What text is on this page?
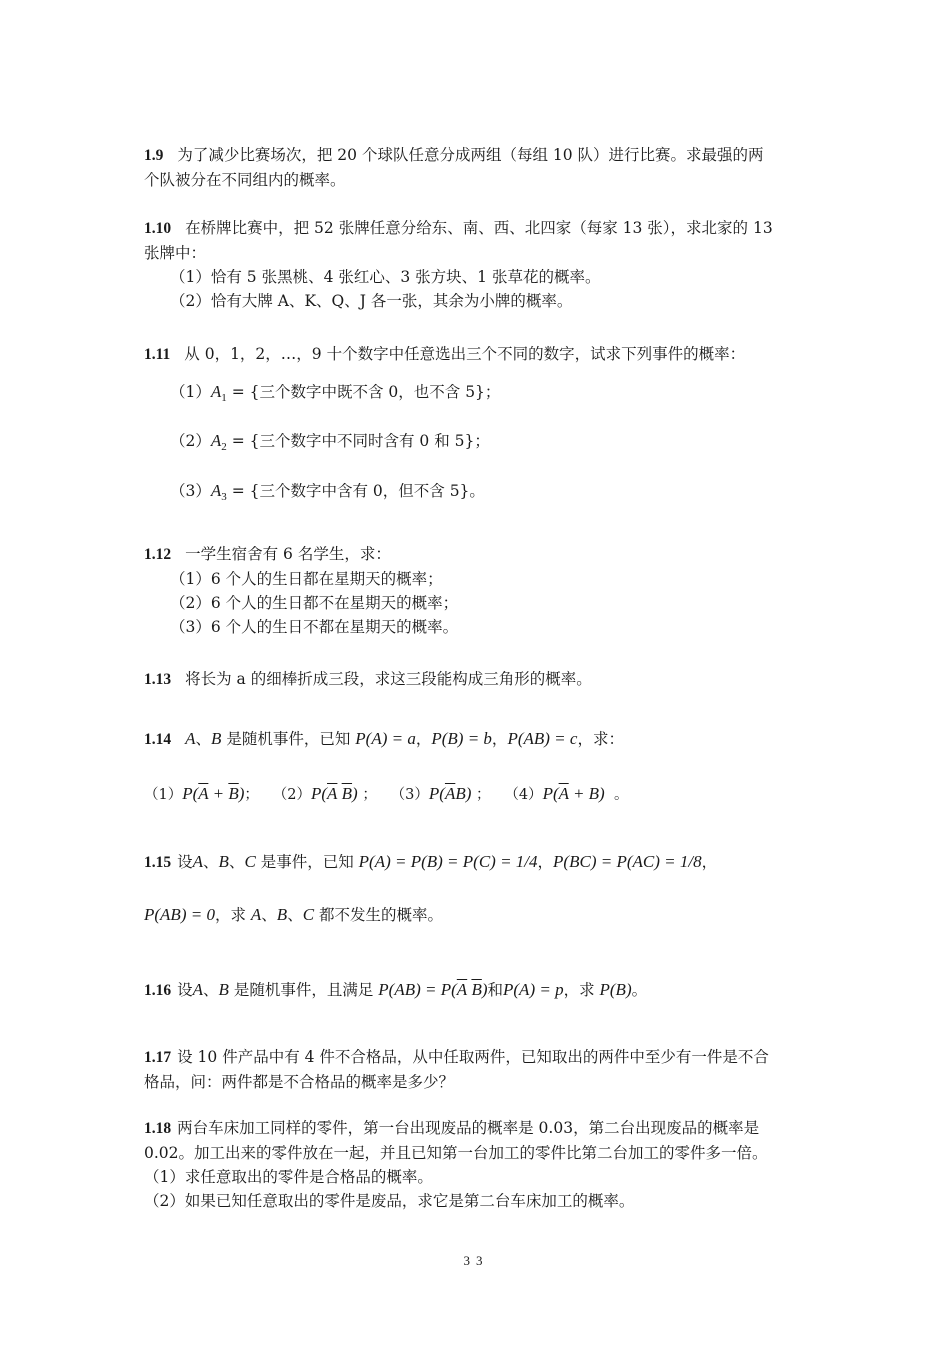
1.9 为了减少比赛场次，把 20 个球队任意分成两组（每组 10 队）进行比赛。求最强的两
个队被分在不同组内的概率。
1.10 在桥牌比赛中，把 52 张牌任意分给东、南、西、北四家（每家 13 张），求北家的 13
张牌中：
（1）恰有 5 张黑桃、4 张红心、3 张方块、1 张草花的概率。
（2）恰有大牌 A、K、Q、J 各一张，其余为小牌的概率。
1.11 从 0，1，2，…，9 十个数字中任意选出三个不同的数字，试求下列事件的概率：
$(1)A_1$ = {三个数字中既不含 0，也不含 5}；
$(2)A_2$ = {三个数字中不同时含有 0 和 5}；
$(3)A_3$ = {三个数字中含有 0，但不含 5}。
1.12 一学生宿舍有 6 名学生，求：
（1）6 个人的生日都在星期天的概率；
（2）6 个人的生日都不在星期天的概率；
（3）6 个人的生日不都在星期天的概率。
1.13 将长为 a 的细棒折成三段，求这三段能构成三角形的概率。
1.14 A、B 是随机事件，已知 P(A) = a，P(B) = b，P(AB) = c，求：
$(1)P(\overline{A} + \overline{B})$； $(2)P(\overline{A}$ $\overline{B}$) ； $(3)P(\overline{A}B)$ ； $(4)P(\overline{A} + B)$ 。
1.15 设A、B、C 是事件，已知 P(A) = P(B) = P(C) = 1/4，P(BC) = P(AC) = 1/8，
P(AB) = 0，求 A、B、C 都不发生的概率。
1.16 设A、B 是随机事件，且满足 $P(AB) = P(\overline{A}$ $\overline{B}$)和P(A) = p，求 P(B)。
1.17 设 10 件产品中有 4 件不合格品，从中任取两件，已知取出的两件中至少有一件是不合
格品，问：两件都是不合格品的概率是多少？
1.18 两台车床加工同样的零件，第一台出现废品的概率是 0.03，第二台出现废品的概率是
0.02。加工出来的零件放在一起，并且已知第一台加工的零件比第二台加工的零件多一倍。
（1）求任意取出的零件是合格品的概率。
（2）如果已知任意取出的零件是废品，求它是第二台车床加工的概率。
33
